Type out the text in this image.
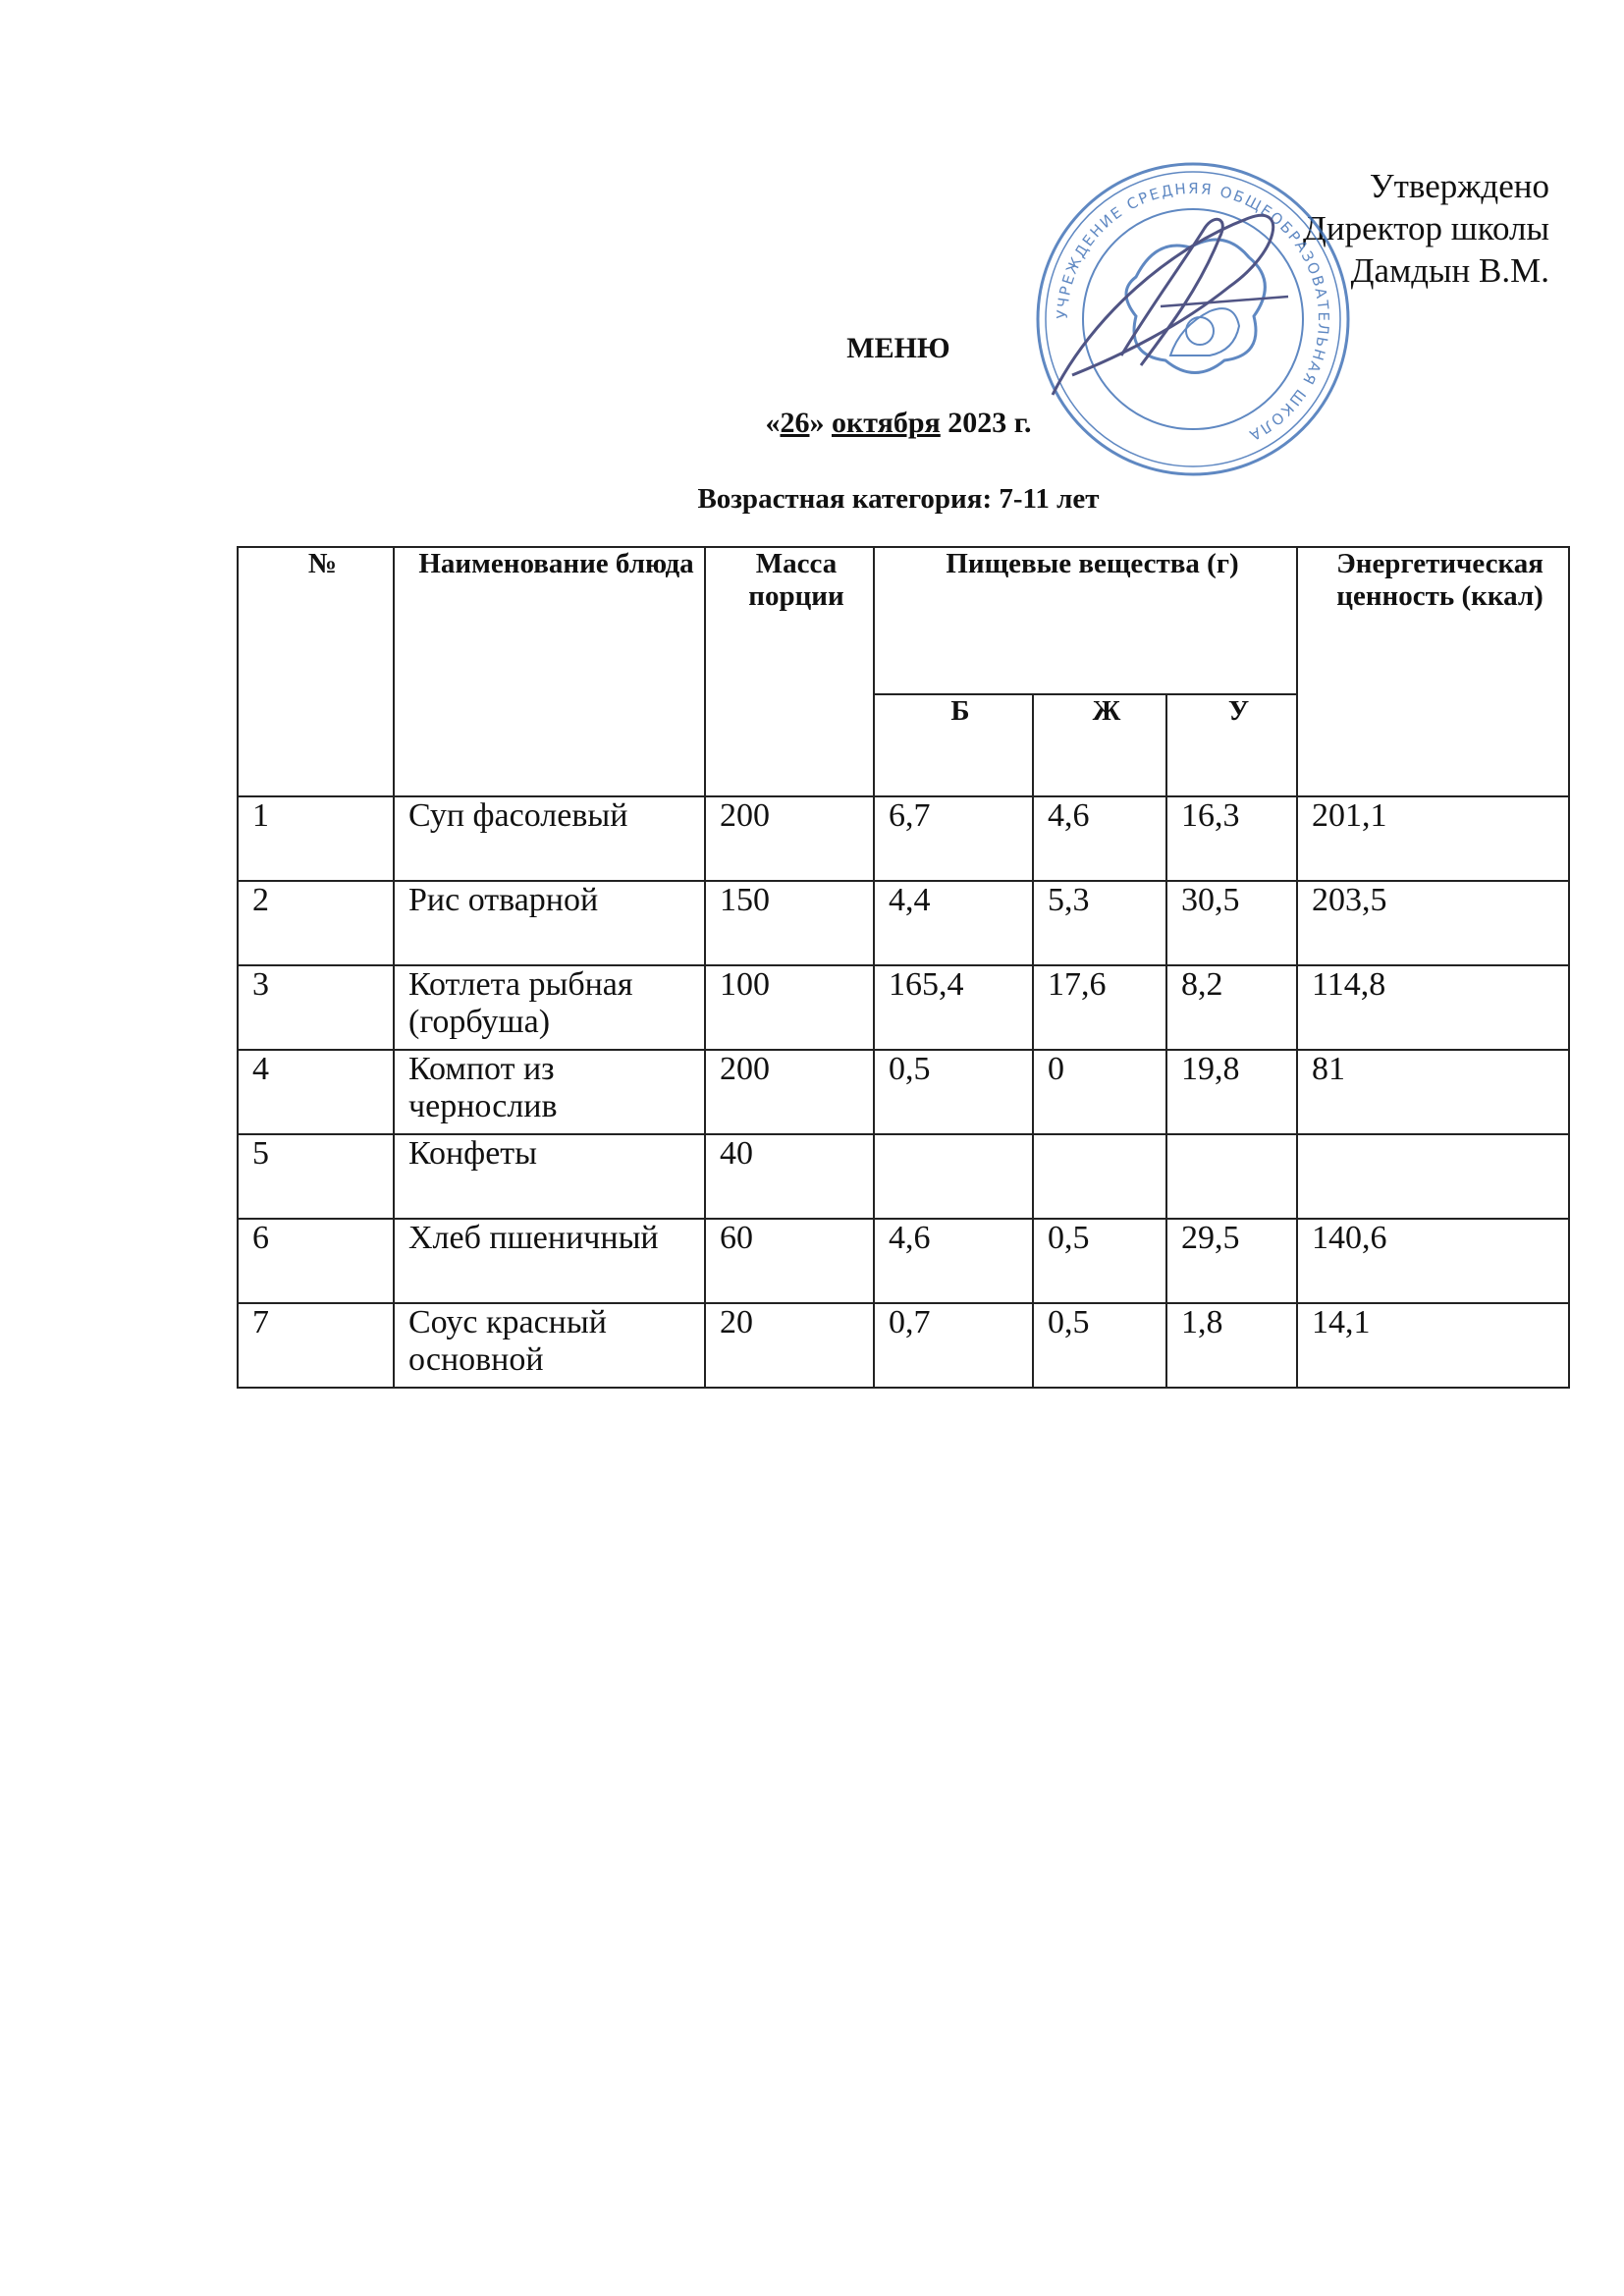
Утверждено
Директор школы
Дамдын В.М.
УЧРЕЖДЕНИЕ СРЕДНЯЯ ОБЩЕОБРАЗОВАТЕЛЬНАЯ ШКОЛА
МЕНЮ
«26» октября 2023 г.
Возрастная категория: 7-11 лет
№	Наименование блюда	Масса порции	Пищевые вещества (г)			Энергетическая ценность (ккал)
			Б	Ж	У	
1	Суп фасолевый	200	6,7	4,6	16,3	201,1
2	Рис отварной	150	4,4	5,3	30,5	203,5
3	Котлета рыбная (горбуша)	100	165,4	17,6	8,2	114,8
4	Компот из чернослив	200	0,5	0	19,8	81
5	Конфеты	40				
6	Хлеб пшеничный	60	4,6	0,5	29,5	140,6
7	Соус красный основной	20	0,7	0,5	1,8	14,1
